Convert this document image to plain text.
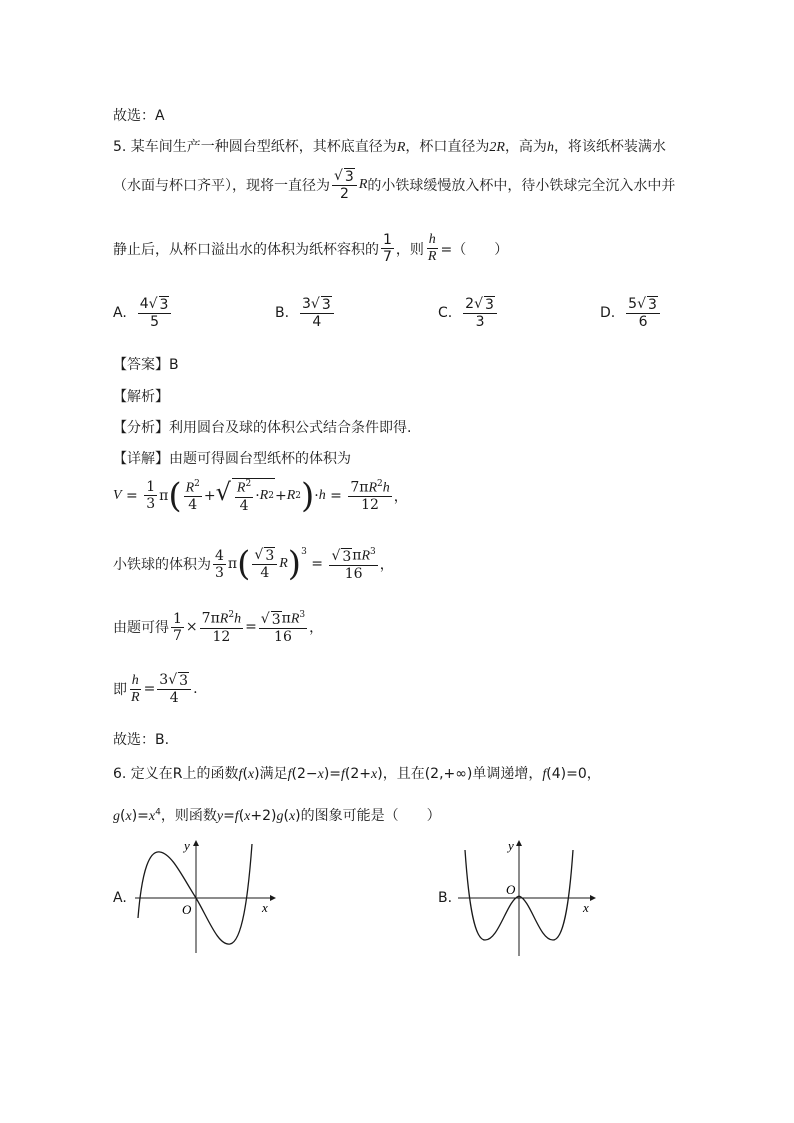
故选：A
5. 某车间生产一种圆台型纸杯，其杯底直径为R，杯口直径为2R，高为h，将该纸杯装满水
（水面与杯口齐平），现将一直径为 $\frac{√ 3}{2}$ R 的小铁球缓慢放入杯中，待小铁球完全沉入水中并
静止后，从杯口溢出水的体积为纸杯容积的 $\frac{1}{7}$ ，则 $\frac{h}{R}$ =（　　）
A.
$\frac{4√ 3}{5}$	B.
$\frac{3√ 3}{4}$	C.
$\frac{2√ 3}{3}$	D.
$\frac{5√ 3}{6}$
【答案】B
【解析】
【分析】利用圆台及球的体积公式结合条件即得.
【详解】由题可得圆台型纸杯的体积为
$V = \frac{1}{3}$ π ( $\frac{R^2}{4}$ + √ $\frac{R^2}{4} \cdot R$ 2 + R 2 ) · $h = \frac{7\pi R^2h}{12}$ ，
小铁球的体积为 $\frac{4}{3}$ π ( $\frac{√ 3}{4}$ R )$^3$
= $\frac{√ 3 \pi R^3}{16}$ ，
由题可得 $\frac{1}{7} \times \frac{7\pi R^2h}{12} = \frac{√ 3 \pi R^3}{16}$ ，
即 $\frac{h}{R} = \frac{3√ 3}{4}$ .
故选：B.
6. 定义在R上的函数f(x)满足f(2−x)=f(2+x)，且在(2,+∞)单调递增，f(4)=0，
$g(x)=x^4$，则函数y=f(x+2)g(x)的图象可能是（　　）
A.
y
O	x
B.
y
O
x
